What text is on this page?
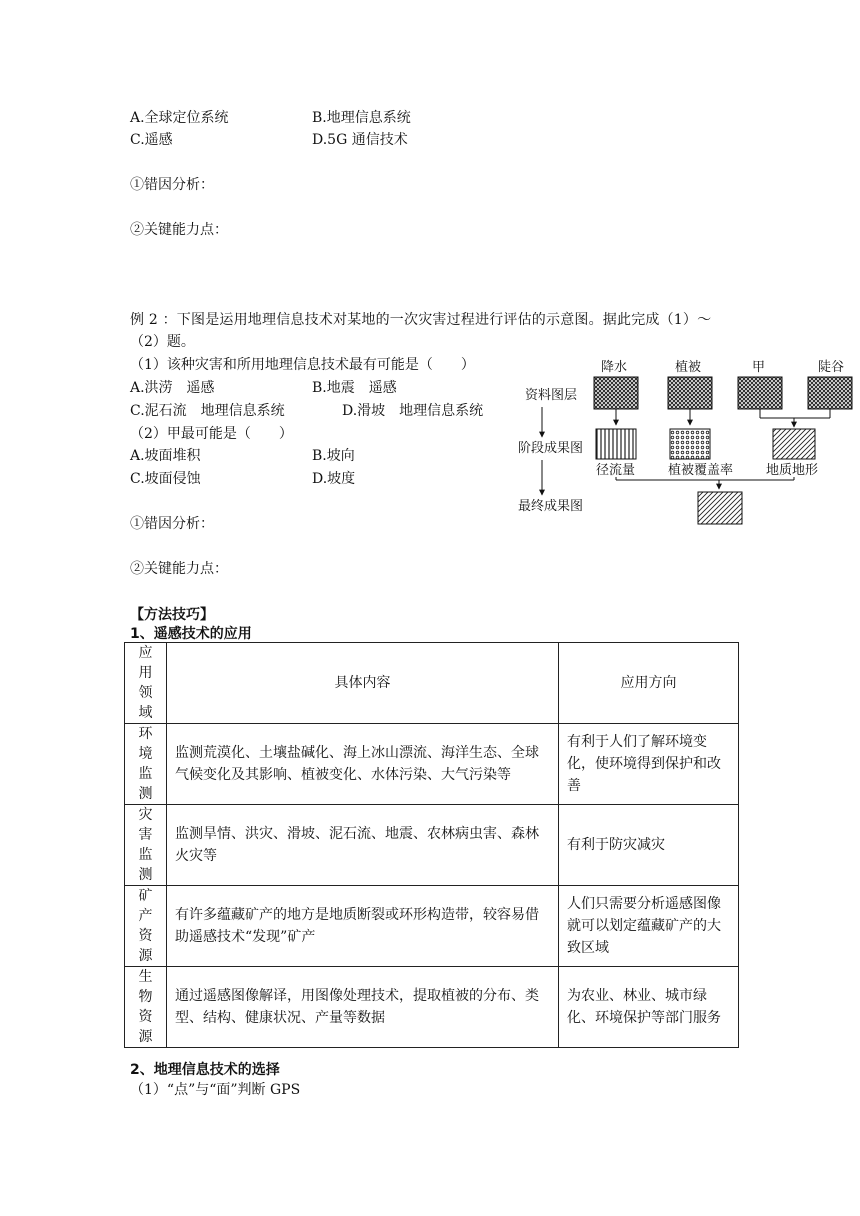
A.全球定位系统	B.地理信息系统
C.遥感	D.5G 通信技术
①错因分析：
②关键能力点：
例 2 ：下图是运用地理信息技术对某地的一次灾害过程进行评估的示意图。据此完成（1）～
（2）题。
（1）该种灾害和所用地理信息技术最有可能是（　　）
A.洪涝　遥感	B.地震　遥感
C.泥石流　地理信息系统	D.滑坡　地理信息系统
（2）甲最可能是（　　）
A.坡面堆积	B.坡向
C.坡面侵蚀	D.坡度
①错因分析：
②关键能力点：
资料图层
阶段成果图
最终成果图
降水	植被	甲	陡谷
径流量	植被覆盖率	地质地形
【方法技巧】
1、遥感技术的应用
应用领域	具体内容	应用方向

环境监测	监测荒漠化、土壤盐碱化、海上冰山漂流、海洋生态、全球气候变化及其影响、植被变化、水体污染、大气污染等	有利于人们了解环境变化，使环境得到保护和改善

灾害监测	监测旱情、洪灾、滑坡、泥石流、地震、农林病虫害、森林火灾等	有利于防灾减灾

矿产资源	有许多蕴藏矿产的地方是地质断裂或环形构造带，较容易借助遥感技术“发现”矿产	人们只需要分析遥感图像就可以划定蕴藏矿产的大致区域

生物资源	通过遥感图像解译，用图像处理技术，提取植被的分布、类型、结构、健康状况、产量等数据	为农业、林业、城市绿化、环境保护等部门服务
2、地理信息技术的选择
（1）“点”与“面”判断 GPS
